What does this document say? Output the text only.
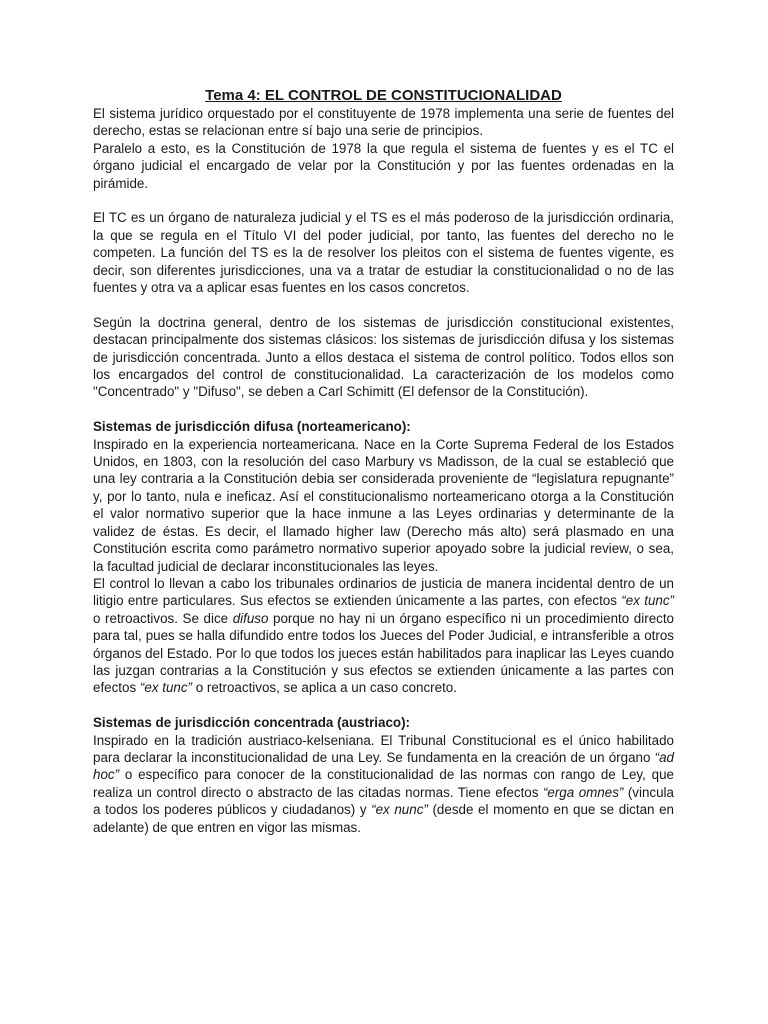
Tema 4: EL CONTROL DE CONSTITUCIONALIDAD

El sistema jurídico orquestado por el constituyente de 1978 implementa una serie de fuentes del derecho, estas se relacionan entre sí bajo una serie de principios.

Paralelo a esto, es la Constitución de 1978 la que regula el sistema de fuentes y es el TC el órgano judicial el encargado de velar por la Constitución y por las fuentes ordenadas en la pirámide.

El TC es un órgano de naturaleza judicial y el TS es el más poderoso de la jurisdicción ordinaria, la que se regula en el Título VI del poder judicial, por tanto, las fuentes del derecho no le competen. La función del TS es la de resolver los pleitos con el sistema de fuentes vigente, es decir, son diferentes jurisdicciones, una va a tratar de estudiar la constitucionalidad o no de las fuentes y otra va a aplicar esas fuentes en los casos concretos.

Según la doctrina general, dentro de los sistemas de jurisdicción constitucional existentes, destacan principalmente dos sistemas clásicos: los sistemas de jurisdicción difusa y los sistemas de jurisdicción concentrada. Junto a ellos destaca el sistema de control político. Todos ellos son los encargados del control de constitucionalidad. La caracterización de los modelos como "Concentrado" y "Difuso", se deben a Carl Schimitt (El defensor de la Constitución).

Sistemas de jurisdicción difusa (norteamericano):

Inspirado en la experiencia norteamericana. Nace en la Corte Suprema Federal de los Estados Unidos, en 1803, con la resolución del caso Marbury vs Madisson, de la cual se estableció que una ley contraria a la Constitución debia ser considerada proveniente de “legislatura repugnante” y, por lo tanto, nula e ineficaz. Así el constitucionalismo norteamericano otorga a la Constitución el valor normativo superior que la hace inmune a las Leyes ordinarias y determinante de la validez de éstas. Es decir, el llamado higher law (Derecho más alto) será plasmado en una Constitución escrita como parámetro normativo superior apoyado sobre la judicial review, o sea, la facultad judicial de declarar inconstitucionales las leyes.

El control lo llevan a cabo los tribunales ordinarios de justicia de manera incidental dentro de un litigio entre particulares. Sus efectos se extienden únicamente a las partes, con efectos “ex tunc” o retroactivos. Se dice difuso porque no hay ni un órgano específico ni un procedimiento directo para tal, pues se halla difundido entre todos los Jueces del Poder Judicial, e intransferible a otros órganos del Estado. Por lo que todos los jueces están habilitados para inaplicar las Leyes cuando las juzgan contrarias a la Constitución y sus efectos se extienden únicamente a las partes con efectos “ex tunc” o retroactivos, se aplica a un caso concreto.

Sistemas de jurisdicción concentrada (austriaco):

Inspirado en la tradición austriaco-kelseniana. El Tribunal Constitucional es el único habilitado para declarar la inconstitucionalidad de una Ley. Se fundamenta en la creación de un órgano “ad hoc” o específico para conocer de la constitucionalidad de las normas con rango de Ley, que realiza un control directo o abstracto de las citadas normas. Tiene efectos “erga omnes” (vincula a todos los poderes públicos y ciudadanos) y “ex nunc” (desde el momento en que se dictan en adelante) de que entren en vigor las mismas.
